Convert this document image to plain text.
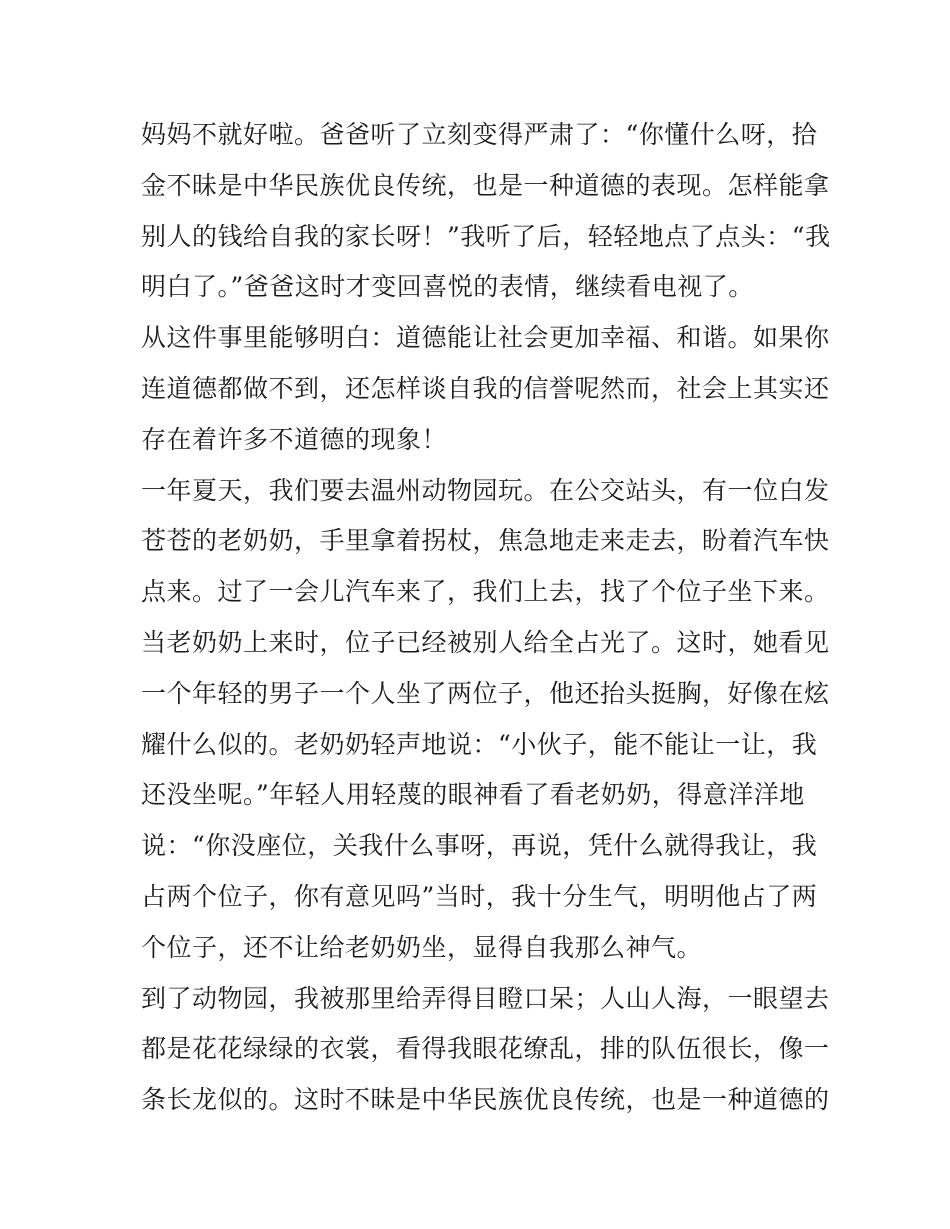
妈妈不就好啦。爸爸听了立刻变得严肃了：“你懂什么呀，拾
金不昧是中华民族优良传统，也是一种道德的表现。怎样能拿
别人的钱给自我的家长呀！”我听了后，轻轻地点了点头：“我
明白了。”爸爸这时才变回喜悦的表情，继续看电视了。
从这件事里能够明白：道德能让社会更加幸福、和谐。如果你
连道德都做不到，还怎样谈自我的信誉呢然而，社会上其实还
存在着许多不道德的现象！
一年夏天，我们要去温州动物园玩。在公交站头，有一位白发
苍苍的老奶奶，手里拿着拐杖，焦急地走来走去，盼着汽车快
点来。过了一会儿汽车来了，我们上去，找了个位子坐下来。
当老奶奶上来时，位子已经被别人给全占光了。这时，她看见
一个年轻的男子一个人坐了两位子，他还抬头挺胸，好像在炫
耀什么似的。老奶奶轻声地说：“小伙子，能不能让一让，我
还没坐呢。”年轻人用轻蔑的眼神看了看老奶奶，得意洋洋地
说：“你没座位，关我什么事呀，再说，凭什么就得我让，我
占两个位子，你有意见吗”当时，我十分生气，明明他占了两
个位子，还不让给老奶奶坐，显得自我那么神气。
到了动物园，我被那里给弄得目瞪口呆；人山人海，一眼望去
都是花花绿绿的衣裳，看得我眼花缭乱，排的队伍很长，像一
条长龙似的。这时不昧是中华民族优良传统，也是一种道德的
